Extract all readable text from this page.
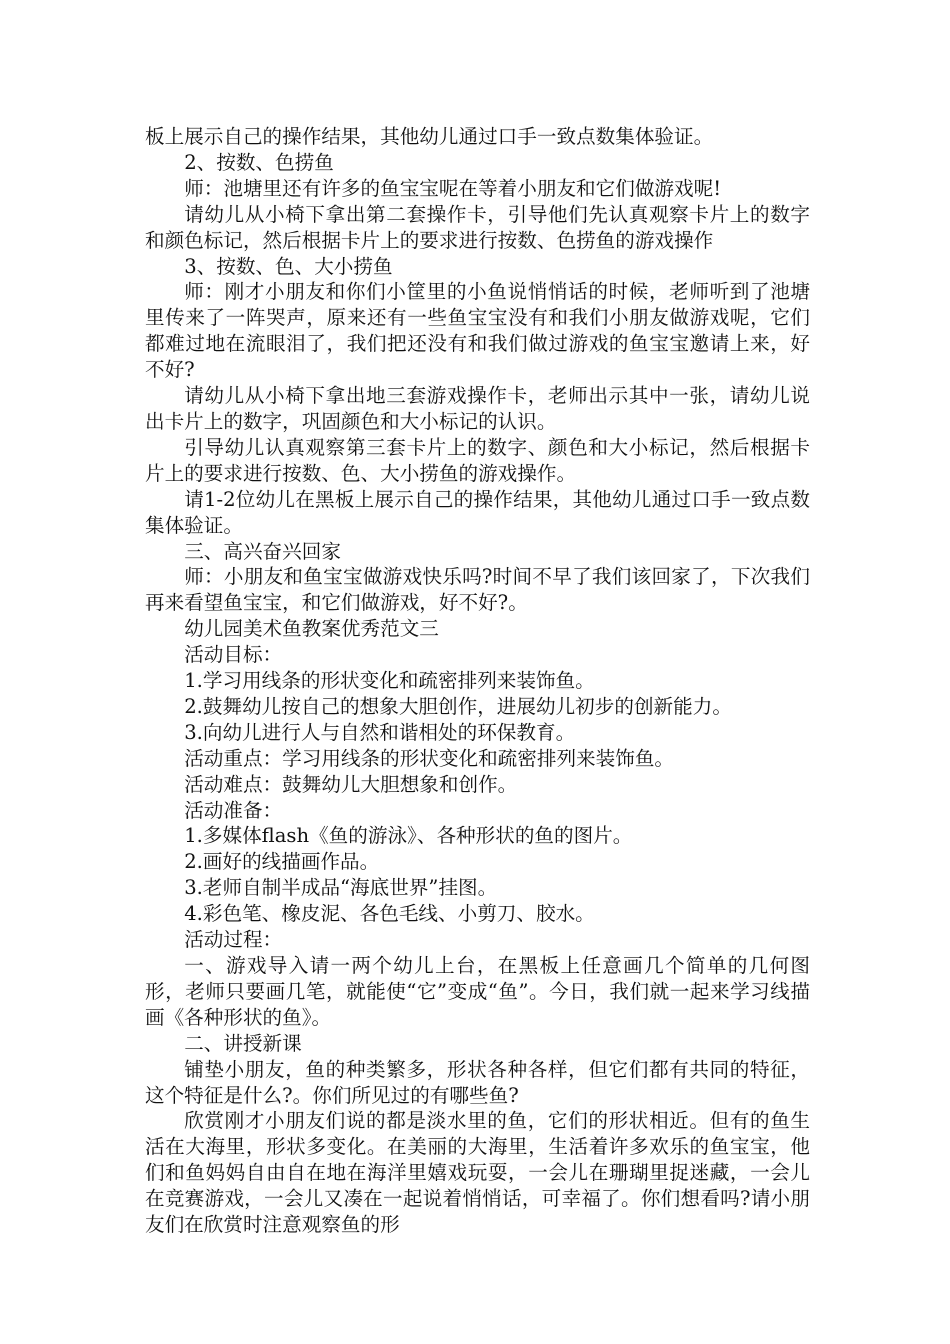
板上展示自己的操作结果，其他幼儿通过口手一致点数集体验证。

2、按数、色捞鱼

师：池塘里还有许多的鱼宝宝呢在等着小朋友和它们做游戏呢!

请幼儿从小椅下拿出第二套操作卡，引导他们先认真观察卡片上的数字和颜色标记，然后根据卡片上的要求进行按数、色捞鱼的游戏操作

3、按数、色、大小捞鱼

师：刚才小朋友和你们小筐里的小鱼说悄悄话的时候，老师听到了池塘里传来了一阵哭声，原来还有一些鱼宝宝没有和我们小朋友做游戏呢，它们都难过地在流眼泪了，我们把还没有和我们做过游戏的鱼宝宝邀请上来，好不好?

请幼儿从小椅下拿出地三套游戏操作卡，老师出示其中一张，请幼儿说出卡片上的数字，巩固颜色和大小标记的认识。

引导幼儿认真观察第三套卡片上的数字、颜色和大小标记，然后根据卡片上的要求进行按数、色、大小捞鱼的游戏操作。

请1-2位幼儿在黑板上展示自己的操作结果，其他幼儿通过口手一致点数集体验证。

三、高兴奋兴回家

师：小朋友和鱼宝宝做游戏快乐吗?时间不早了我们该回家了，下次我们再来看望鱼宝宝，和它们做游戏，好不好?。

幼儿园美术鱼教案优秀范文三

活动目标：

1.学习用线条的形状变化和疏密排列来装饰鱼。

2.鼓舞幼儿按自己的想象大胆创作，进展幼儿初步的创新能力。

3.向幼儿进行人与自然和谐相处的环保教育。

活动重点：学习用线条的形状变化和疏密排列来装饰鱼。

活动难点：鼓舞幼儿大胆想象和创作。

活动准备：

1.多媒体flash《鱼的游泳》、各种形状的鱼的图片。

2.画好的线描画作品。

3.老师自制半成品“海底世界”挂图。

4.彩色笔、橡皮泥、各色毛线、小剪刀、胶水。

活动过程：

一、游戏导入请一两个幼儿上台，在黑板上任意画几个简单的几何图形，老师只要画几笔，就能使“它”变成“鱼”。今日，我们就一起来学习线描画《各种形状的鱼》。

二、讲授新课

铺垫小朋友，鱼的种类繁多，形状各种各样，但它们都有共同的特征，这个特征是什么?。你们所见过的有哪些鱼?

欣赏刚才小朋友们说的都是淡水里的鱼，它们的形状相近。但有的鱼生活在大海里，形状多变化。在美丽的大海里，生活着许多欢乐的鱼宝宝，他们和鱼妈妈自由自在地在海洋里嬉戏玩耍，一会儿在珊瑚里捉迷藏，一会儿在竞赛游戏，一会儿又凑在一起说着悄悄话，可幸福了。你们想看吗?请小朋友们在欣赏时注意观察鱼的形
